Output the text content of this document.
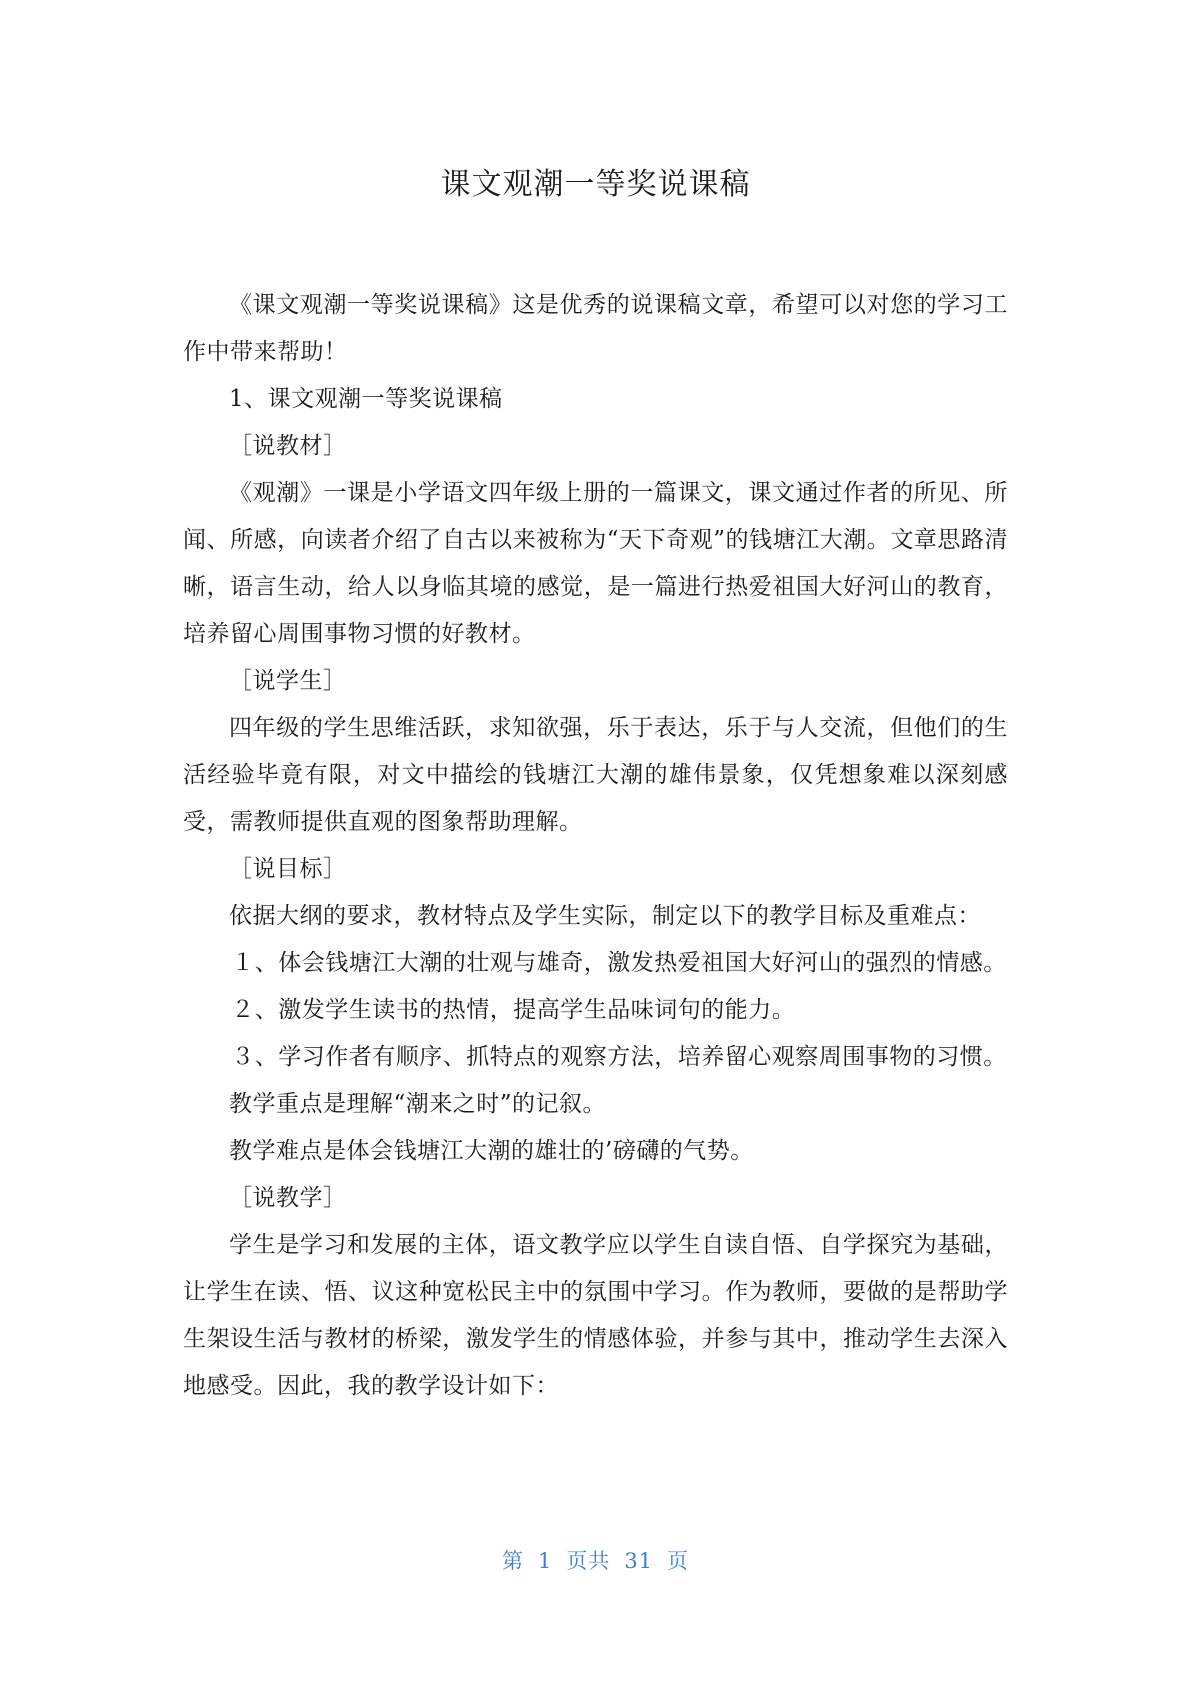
课文观潮一等奖说课稿

《课文观潮一等奖说课稿》这是优秀的说课稿文章，希望可以对您的学习工作中带来帮助！

1、课文观潮一等奖说课稿

［说教材］

《观潮》一课是小学语文四年级上册的一篇课文，课文通过作者的所见、所闻、所感，向读者介绍了自古以来被称为“天下奇观”的钱塘江大潮。文章思路清晰，语言生动，给人以身临其境的感觉，是一篇进行热爱祖国大好河山的教育，培养留心周围事物习惯的好教材。

［说学生］

四年级的学生思维活跃，求知欲强，乐于表达，乐于与人交流，但他们的生活经验毕竟有限，对文中描绘的钱塘江大潮的雄伟景象，仅凭想象难以深刻感受，需教师提供直观的图象帮助理解。

［说目标］

依据大纲的要求，教材特点及学生实际，制定以下的教学目标及重难点：

１、体会钱塘江大潮的壮观与雄奇，激发热爱祖国大好河山的强烈的情感。

２、激发学生读书的热情，提高学生品味词句的能力。

３、学习作者有顺序、抓特点的观察方法，培养留心观察周围事物的习惯。

教学重点是理解“潮来之时”的记叙。

教学难点是体会钱塘江大潮的雄壮的’磅礴的气势。

［说教学］

学生是学习和发展的主体，语文教学应以学生自读自悟、自学探究为基础，让学生在读、悟、议这种宽松民主中的氛围中学习。作为教师，要做的是帮助学生架设生活与教材的桥梁，激发学生的情感体验，并参与其中，推动学生去深入地感受。因此，我的教学设计如下：

第 1 页共 31 页
